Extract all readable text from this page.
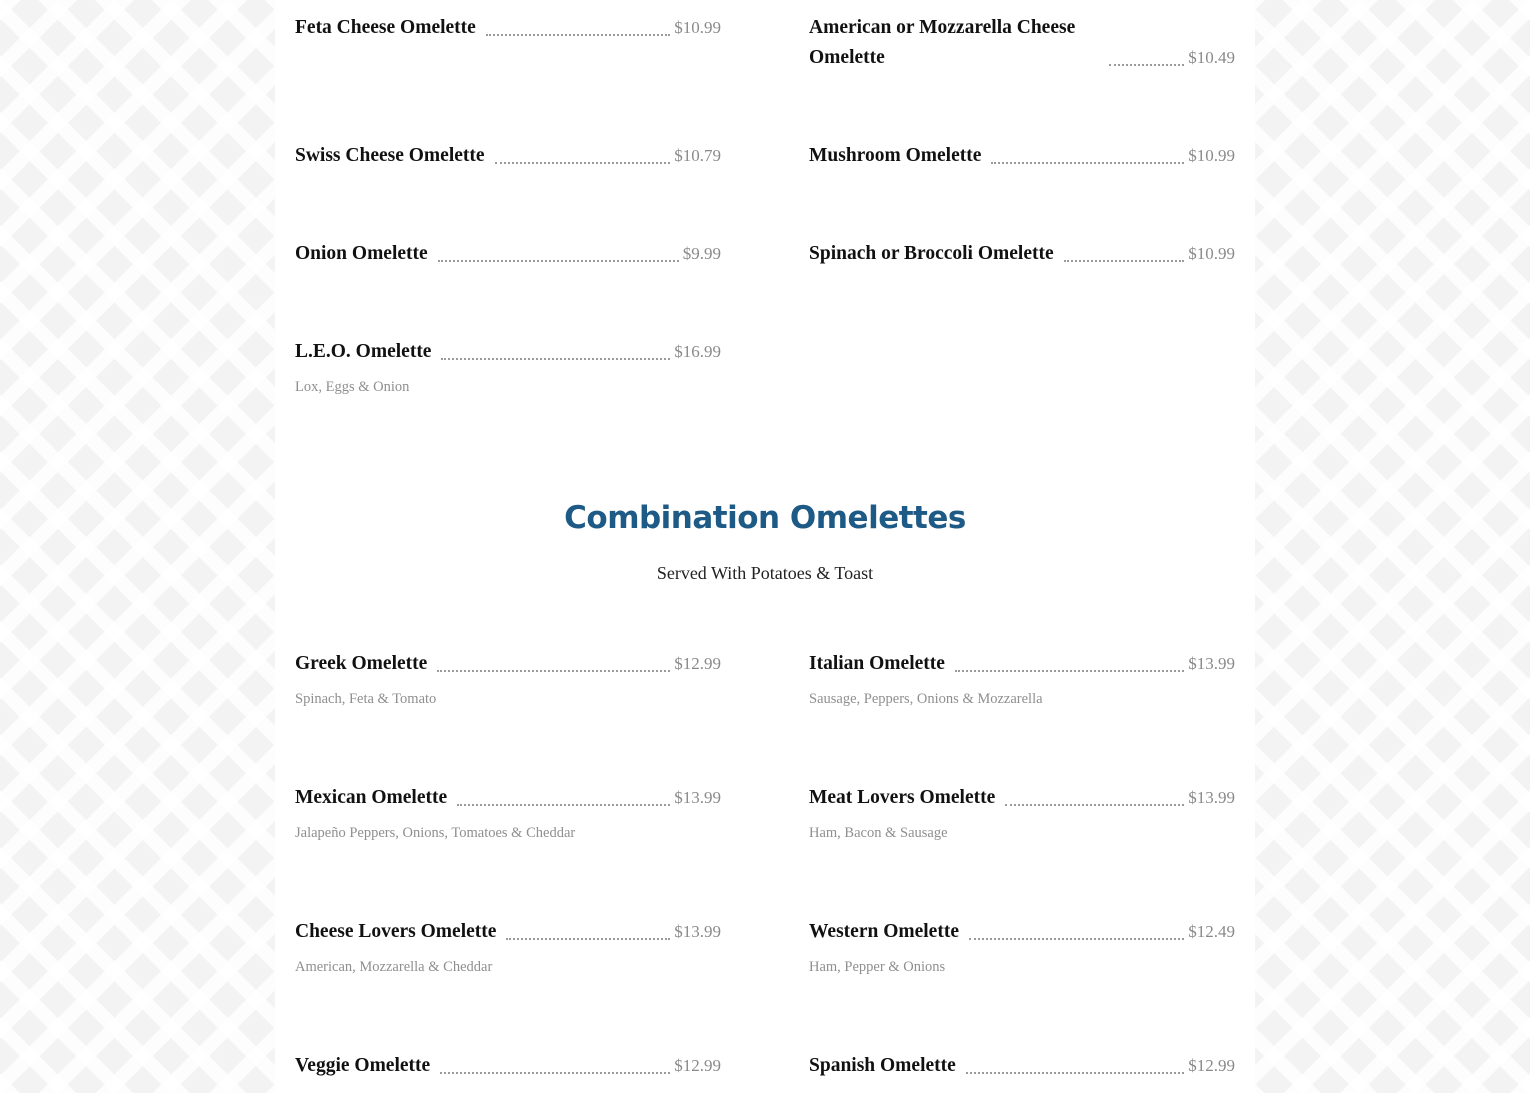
Feta Cheese Omelette	$10.99	American or Mozzarella Cheese Omelette	$10.49
Swiss Cheese Omelette	$10.79	Mushroom Omelette	$10.99
Onion Omelette	$9.99	Spinach or Broccoli Omelette	$10.99
L.E.O. Omelette	$16.99
Lox, Eggs & Onion
Combination Omelettes
Served With Potatoes & Toast
Greek Omelette	$12.99
Spinach, Feta & Tomato
Italian Omelette	$13.99
Sausage, Peppers, Onions & Mozzarella
Mexican Omelette	$13.99
Jalapeño Peppers, Onions, Tomatoes & Cheddar
Meat Lovers Omelette	$13.99
Ham, Bacon & Sausage
Cheese Lovers Omelette	$13.99
American, Mozzarella & Cheddar
Western Omelette	$12.49
Ham, Pepper & Onions
Veggie Omelette	$12.99	Spanish Omelette	$12.99
